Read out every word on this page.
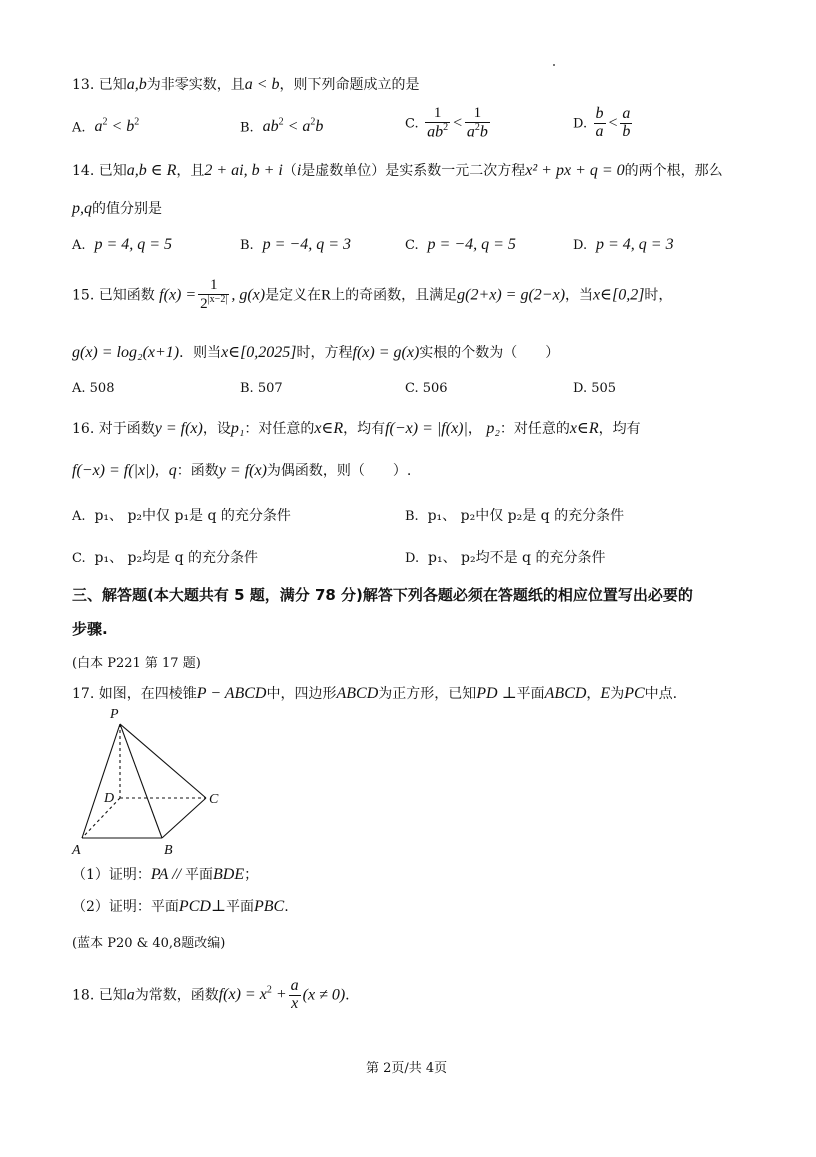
13. 已知a,b为非零实数，且a < b，则下列命题成立的是
A. $a^2 < b^2$	B. $ab^2 < a^2b$	C. $\frac{1}{ab^2} < \frac{1}{a^2b}$	D. $\frac{b}{a} < \frac{a}{b}$
14. 已知a,b ∈ R，且2 + ai, b + i（i是虚数单位）是实系数一元二次方程x² + px + q = 0的两个根，那么
p,q的值分别是
A. p = 4, q = 5	B. p = −4, q = 3	C. p = −4, q = 5	D. p = 4, q = 3
15. 已知函数 $f(x) = \frac{1}{2^{|x-2|}}$ , g(x)是定义在R上的奇函数，且满足g(2+x) = g(2−x)，当x∈[0,2]时，
g(x) = log₂(x+1)．则当x∈[0,2025]时，方程f(x) = g(x)实根的个数为（　　）
A. 508	B. 507	C. 506	D. 505
16. 对于函数y = f(x)，设p₁：对任意的x∈R，均有f(−x) = |f(x)|， p₂：对任意的x∈R，均有
f(−x) = f(|x|)，q：函数y = f(x)为偶函数，则（　　）.
A. p₁、 p₂中仅 p₁是 q 的充分条件	B. p₁、 p₂中仅 p₂是 q 的充分条件
C. p₁、 p₂均是 q 的充分条件	D. p₁、 p₂均不是 q 的充分条件
三、解答题(本大题共有 5 题，满分 78 分)解答下列各题必须在答题纸的相应位置写出必要的
步骤.
(白本 P221 第 17 题)
17. 如图，在四棱锥P − ABCD中，四边形ABCD为正方形，已知PD ⊥平面ABCD，E为PC中点.
P
D	C
A	B
（1）证明：PA // 平面BDE；
（2）证明：平面PCD⊥平面PBC.
(蓝本 P20 & 40,8题改编)
18. 已知a为常数，函数$f(x) = x^2 + \frac{a}{x} (x \ne 0)$.
第 2页/共 4页
